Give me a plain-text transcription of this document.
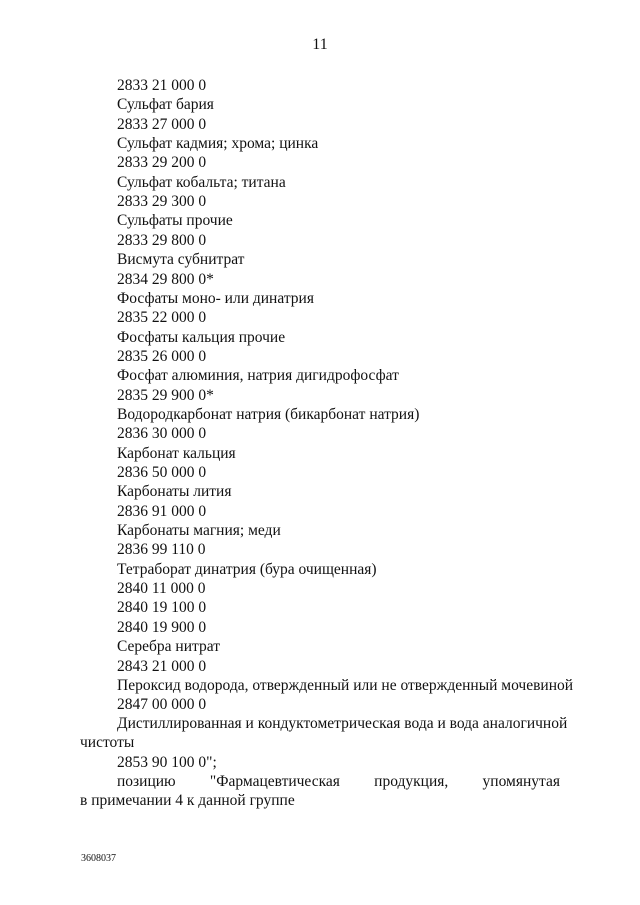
11
Дистиллированная и кондуктометрическая вода и вода аналогичной
чистоты
2853 90 100 0";
позицию "Фармацевтическая продукция, упомянутая
в примечании 4 к данной группе
3608037
2833 21 000 0
Сульфат бария
2833 27 000 0
Сульфат кадмия; хрома; цинка
2833 29 200 0
Сульфат кобальта; титана
2833 29 300 0
Сульфаты прочие
2833 29 800 0
Висмута субнитрат
2834 29 800 0*
Фосфаты моно- или динатрия
2835 22 000 0
Фосфаты кальция прочие
2835 26 000 0
Фосфат алюминия, натрия дигидрофосфат
2835 29 900 0*
Водородкарбонат натрия (бикарбонат натрия)
2836 30 000 0
Карбонат кальция
2836 50 000 0
Карбонаты лития
2836 91 000 0
Карбонаты магния; меди
2836 99 110 0
Тетраборат динатрия (бура очищенная)
2840 11 000 0
2840 19 100 0
2840 19 900 0
Серебра нитрат
2843 21 000 0
Пероксид водорода, отвержденный или не отвержденный мочевиной
2847 00 000 0
